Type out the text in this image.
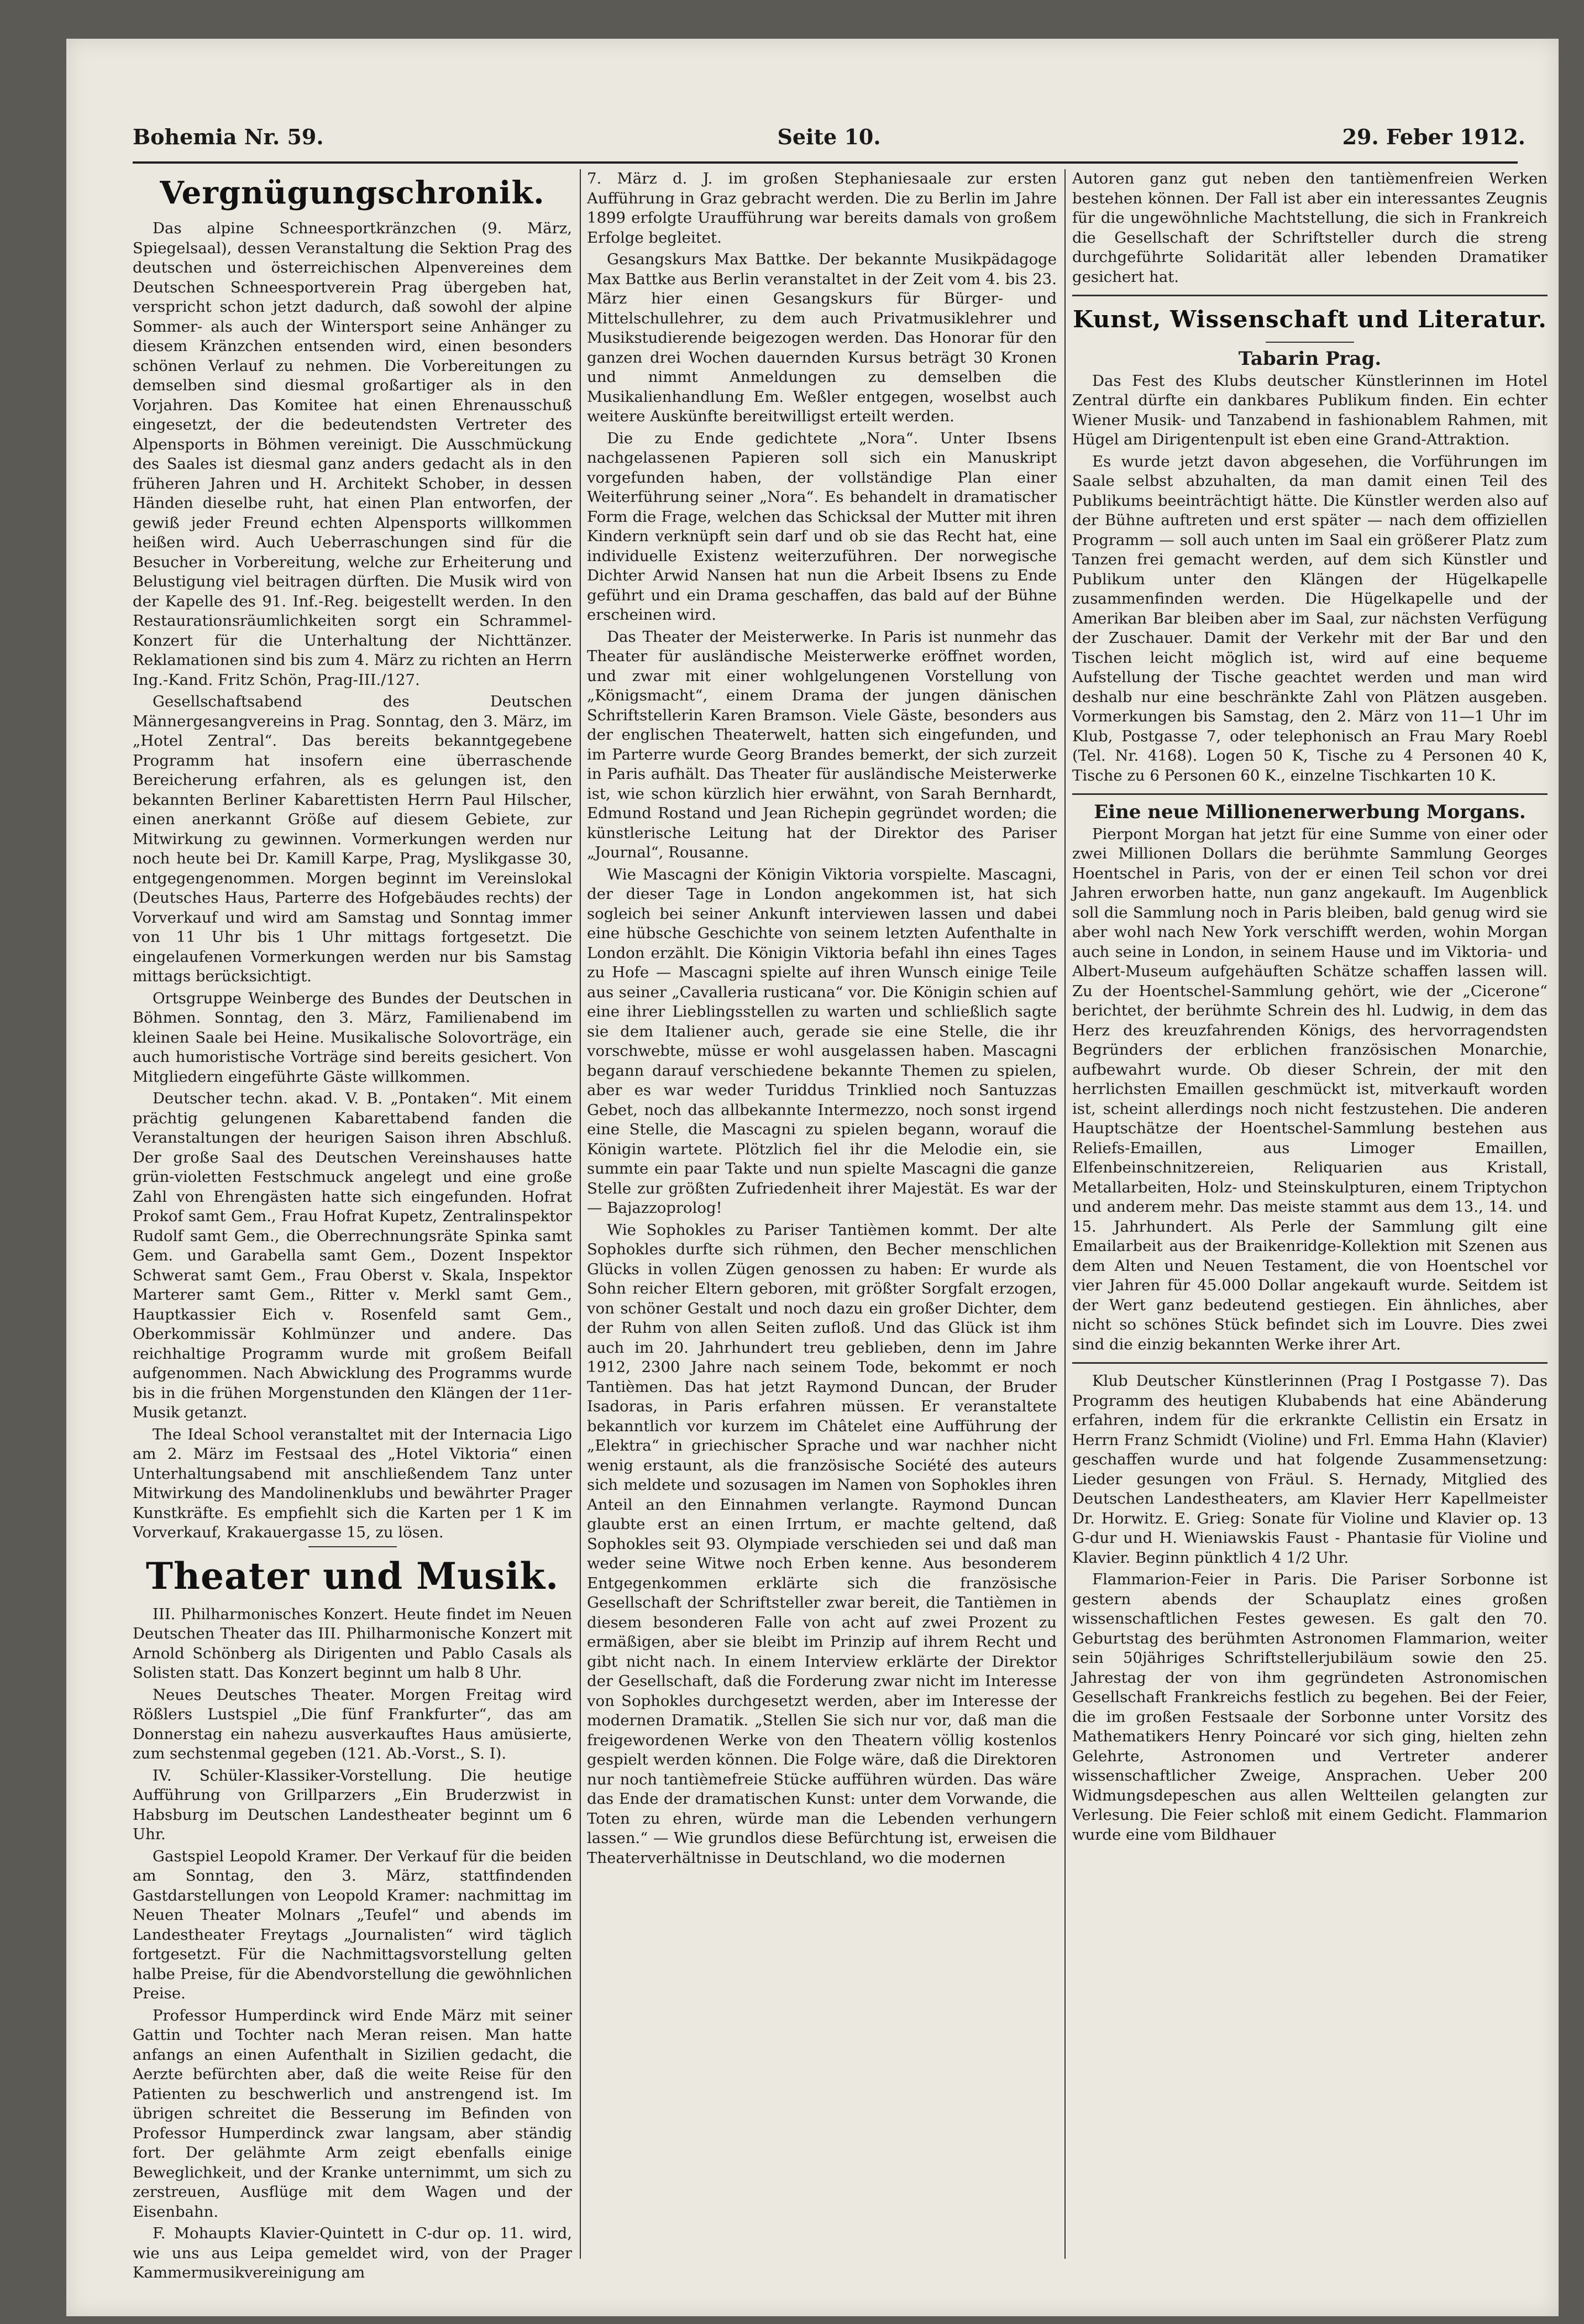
Bohemia Nr. 59.	Seite 10.	29. Feber 1912.
Vergnügungschronik.

Das alpine Schneesportkränzchen (9. März, Spiegelsaal), dessen Veranstaltung die Sektion Prag des deutschen und österreichischen Alpenvereines dem Deutschen Schneesportverein Prag übergeben hat, verspricht schon jetzt dadurch, daß sowohl der alpine Sommer- als auch der Wintersport seine Anhänger zu diesem Kränzchen entsenden wird, einen besonders schönen Verlauf zu nehmen. Die Vorbereitungen zu demselben sind diesmal großartiger als in den Vorjahren. Das Komitee hat einen Ehrenausschuß eingesetzt, der die bedeutendsten Vertreter des Alpensports in Böhmen vereinigt. Die Ausschmückung des Saales ist diesmal ganz anders gedacht als in den früheren Jahren und H. Architekt Schober, in dessen Händen dieselbe ruht, hat einen Plan entworfen, der gewiß jeder Freund echten Alpensports willkommen heißen wird. Auch Ueberraschungen sind für die Besucher in Vorbereitung, welche zur Erheiterung und Belustigung viel beitragen dürften. Die Musik wird von der Kapelle des 91. Inf.-Reg. beigestellt werden. In den Restaurationsräumlichkeiten sorgt ein Schrammel-Konzert für die Unterhaltung der Nichttänzer. Reklamationen sind bis zum 4. März zu richten an Herrn Ing.-Kand. Fritz Schön, Prag-III./127.

Gesellschaftsabend des Deutschen Männergesangvereins in Prag. Sonntag, den 3. März, im „Hotel Zentral“. Das bereits bekanntgegebene Programm hat insofern eine überraschende Bereicherung erfahren, als es gelungen ist, den bekannten Berliner Kabarettisten Herrn Paul Hilscher, einen anerkannt Größe auf diesem Gebiete, zur Mitwirkung zu gewinnen. Vormerkungen werden nur noch heute bei Dr. Kamill Karpe, Prag, Myslikgasse 30, entgegengenommen. Morgen beginnt im Vereinslokal (Deutsches Haus, Parterre des Hofgebäudes rechts) der Vorverkauf und wird am Samstag und Sonntag immer von 11 Uhr bis 1 Uhr mittags fortgesetzt. Die eingelaufenen Vormerkungen werden nur bis Samstag mittags berücksichtigt.

Ortsgruppe Weinberge des Bundes der Deutschen in Böhmen. Sonntag, den 3. März, Familienabend im kleinen Saale bei Heine. Musikalische Solovorträge, ein auch humoristische Vorträge sind bereits gesichert. Von Mitgliedern eingeführte Gäste willkommen.

Deutscher techn. akad. V. B. „Pontaken“. Mit einem prächtig gelungenen Kabarettabend fanden die Veranstaltungen der heurigen Saison ihren Abschluß. Der große Saal des Deutschen Vereinshauses hatte grün-violetten Festschmuck angelegt und eine große Zahl von Ehrengästen hatte sich eingefunden. Hofrat Prokof samt Gem., Frau Hofrat Kupetz, Zentralinspektor Rudolf samt Gem., die Oberrechnungsräte Spinka samt Gem. und Garabella samt Gem., Dozent Inspektor Schwerat samt Gem., Frau Oberst v. Skala, Inspektor Marterer samt Gem., Ritter v. Merkl samt Gem., Hauptkassier Eich v. Rosenfeld samt Gem., Oberkommissär Kohlmünzer und andere. Das reichhaltige Programm wurde mit großem Beifall aufgenommen. Nach Abwicklung des Programms wurde bis in die frühen Morgenstunden den Klängen der 11er-Musik getanzt.

The Ideal School veranstaltet mit der Internacia Ligo am 2. März im Festsaal des „Hotel Viktoria“ einen Unterhaltungsabend mit anschließendem Tanz unter Mitwirkung des Mandolinenklubs und bewährter Prager Kunstkräfte. Es empfiehlt sich die Karten per 1 K im Vorverkauf, Krakauergasse 15, zu lösen.

Theater und Musik.

III. Philharmonisches Konzert. Heute findet im Neuen Deutschen Theater das III. Philharmonische Konzert mit Arnold Schönberg als Dirigenten und Pablo Casals als Solisten statt. Das Konzert beginnt um halb 8 Uhr.

Neues Deutsches Theater. Morgen Freitag wird Rößlers Lustspiel „Die fünf Frankfurter“, das am Donnerstag ein nahezu ausverkauftes Haus amüsierte, zum sechstenmal gegeben (121. Ab.-Vorst., S. I).

IV. Schüler-Klassiker-Vorstellung. Die heutige Aufführung von Grillparzers „Ein Bruderzwist in Habsburg im Deutschen Landestheater beginnt um 6 Uhr.

Gastspiel Leopold Kramer. Der Verkauf für die beiden am Sonntag, den 3. März, stattfindenden Gastdarstellungen von Leopold Kramer: nachmittag im Neuen Theater Molnars „Teufel“ und abends im Landestheater Freytags „Journalisten“ wird täglich fortgesetzt. Für die Nachmittagsvorstellung gelten halbe Preise, für die Abendvorstellung die gewöhnlichen Preise.

Professor Humperdinck wird Ende März mit seiner Gattin und Tochter nach Meran reisen. Man hatte anfangs an einen Aufenthalt in Sizilien gedacht, die Aerzte befürchten aber, daß die weite Reise für den Patienten zu beschwerlich und anstrengend ist. Im übrigen schreitet die Besserung im Befinden von Professor Humperdinck zwar langsam, aber ständig fort. Der gelähmte Arm zeigt ebenfalls einige Beweglichkeit, und der Kranke unternimmt, um sich zu zerstreuen, Ausflüge mit dem Wagen und der Eisenbahn.

F. Mohaupts Klavier-Quintett in C-dur op. 11. wird, wie uns aus Leipa gemeldet wird, von der Prager Kammermusikvereinigung am

7. März d. J. im großen Stephaniesaale zur ersten Aufführung in Graz gebracht werden. Die zu Berlin im Jahre 1899 erfolgte Uraufführung war bereits damals von großem Erfolge begleitet.

Gesangskurs Max Battke. Der bekannte Musikpädagoge Max Battke aus Berlin veranstaltet in der Zeit vom 4. bis 23. März hier einen Gesangskurs für Bürger- und Mittelschullehrer, zu dem auch Privatmusiklehrer und Musikstudierende beigezogen werden. Das Honorar für den ganzen drei Wochen dauernden Kursus beträgt 30 Kronen und nimmt Anmeldungen zu demselben die Musikalienhandlung Em. Weßler entgegen, woselbst auch weitere Auskünfte bereitwilligst erteilt werden.

Die zu Ende gedichtete „Nora“. Unter Ibsens nachgelassenen Papieren soll sich ein Manuskript vorgefunden haben, der vollständige Plan einer Weiterführung seiner „Nora“. Es behandelt in dramatischer Form die Frage, welchen das Schicksal der Mutter mit ihren Kindern verknüpft sein darf und ob sie das Recht hat, eine individuelle Existenz weiterzuführen. Der norwegische Dichter Arwid Nansen hat nun die Arbeit Ibsens zu Ende geführt und ein Drama geschaffen, das bald auf der Bühne erscheinen wird.

Das Theater der Meisterwerke. In Paris ist nunmehr das Theater für ausländische Meisterwerke eröffnet worden, und zwar mit einer wohlgelungenen Vorstellung von „Königsmacht“, einem Drama der jungen dänischen Schriftstellerin Karen Bramson. Viele Gäste, besonders aus der englischen Theaterwelt, hatten sich eingefunden, und im Parterre wurde Georg Brandes bemerkt, der sich zurzeit in Paris aufhält. Das Theater für ausländische Meisterwerke ist, wie schon kürzlich hier erwähnt, von Sarah Bernhardt, Edmund Rostand und Jean Richepin gegründet worden; die künstlerische Leitung hat der Direktor des Pariser „Journal“, Rousanne.

Wie Mascagni der Königin Viktoria vorspielte. Mascagni, der dieser Tage in London angekommen ist, hat sich sogleich bei seiner Ankunft interviewen lassen und dabei eine hübsche Geschichte von seinem letzten Aufenthalte in London erzählt. Die Königin Viktoria befahl ihn eines Tages zu Hofe — Mascagni spielte auf ihren Wunsch einige Teile aus seiner „Cavalleria rusticana“ vor. Die Königin schien auf eine ihrer Lieblingsstellen zu warten und schließlich sagte sie dem Italiener auch, gerade sie eine Stelle, die ihr vorschwebte, müsse er wohl ausgelassen haben. Mascagni begann darauf verschiedene bekannte Themen zu spielen, aber es war weder Turiddus Trinklied noch Santuzzas Gebet, noch das allbekannte Intermezzo, noch sonst irgend eine Stelle, die Mascagni zu spielen begann, worauf die Königin wartete. Plötzlich fiel ihr die Melodie ein, sie summte ein paar Takte und nun spielte Mascagni die ganze Stelle zur größten Zufriedenheit ihrer Majestät. Es war der — Bajazzoprolog!

Wie Sophokles zu Pariser Tantièmen kommt. Der alte Sophokles durfte sich rühmen, den Becher menschlichen Glücks in vollen Zügen genossen zu haben: Er wurde als Sohn reicher Eltern geboren, mit größter Sorgfalt erzogen, von schöner Gestalt und noch dazu ein großer Dichter, dem der Ruhm von allen Seiten zufloß. Und das Glück ist ihm auch im 20. Jahrhundert treu geblieben, denn im Jahre 1912, 2300 Jahre nach seinem Tode, bekommt er noch Tantièmen. Das hat jetzt Raymond Duncan, der Bruder Isadoras, in Paris erfahren müssen. Er veranstaltete bekanntlich vor kurzem im Châtelet eine Aufführung der „Elektra“ in griechischer Sprache und war nachher nicht wenig erstaunt, als die französische Société des auteurs sich meldete und sozusagen im Namen von Sophokles ihren Anteil an den Einnahmen verlangte. Raymond Duncan glaubte erst an einen Irrtum, er machte geltend, daß Sophokles seit 93. Olympiade verschieden sei und daß man weder seine Witwe noch Erben kenne. Aus besonderem Entgegenkommen erklärte sich die französische Gesellschaft der Schriftsteller zwar bereit, die Tantièmen in diesem besonderen Falle von acht auf zwei Prozent zu ermäßigen, aber sie bleibt im Prinzip auf ihrem Recht und gibt nicht nach. In einem Interview erklärte der Direktor der Gesellschaft, daß die Forderung zwar nicht im Interesse von Sophokles durchgesetzt werden, aber im Interesse der modernen Dramatik. „Stellen Sie sich nur vor, daß man die freigewordenen Werke von den Theatern völlig kostenlos gespielt werden können. Die Folge wäre, daß die Direktoren nur noch tantièmefreie Stücke aufführen würden. Das wäre das Ende der dramatischen Kunst: unter dem Vorwande, die Toten zu ehren, würde man die Lebenden verhungern lassen.“ — Wie grundlos diese Befürchtung ist, erweisen die Theaterverhältnisse in Deutschland, wo die modernen

Autoren ganz gut neben den tantièmenfreien Werken bestehen können. Der Fall ist aber ein interessantes Zeugnis für die ungewöhnliche Machtstellung, die sich in Frankreich die Gesellschaft der Schriftsteller durch die streng durchgeführte Solidarität aller lebenden Dramatiker gesichert hat.

Kunst, Wissenschaft und Literatur.
Tabarin Prag.

Das Fest des Klubs deutscher Künstlerinnen im Hotel Zentral dürfte ein dankbares Publikum finden. Ein echter Wiener Musik- und Tanzabend in fashionablem Rahmen, mit Hügel am Dirigentenpult ist eben eine Grand-Attraktion.

Es wurde jetzt davon abgesehen, die Vorführungen im Saale selbst abzuhalten, da man damit einen Teil des Publikums beeinträchtigt hätte. Die Künstler werden also auf der Bühne auftreten und erst später — nach dem offiziellen Programm — soll auch unten im Saal ein größerer Platz zum Tanzen frei gemacht werden, auf dem sich Künstler und Publikum unter den Klängen der Hügelkapelle zusammenfinden werden. Die Hügelkapelle und der Amerikan Bar bleiben aber im Saal, zur nächsten Verfügung der Zuschauer. Damit der Verkehr mit der Bar und den Tischen leicht möglich ist, wird auf eine bequeme Aufstellung der Tische geachtet werden und man wird deshalb nur eine beschränkte Zahl von Plätzen ausgeben. Vormerkungen bis Samstag, den 2. März von 11—1 Uhr im Klub, Postgasse 7, oder telephonisch an Frau Mary Roebl (Tel. Nr. 4168). Logen 50 K, Tische zu 4 Personen 40 K, Tische zu 6 Personen 60 K., einzelne Tischkarten 10 K.

Eine neue Millionenerwerbung Morgans.

Pierpont Morgan hat jetzt für eine Summe von einer oder zwei Millionen Dollars die berühmte Sammlung Georges Hoentschel in Paris, von der er einen Teil schon vor drei Jahren erworben hatte, nun ganz angekauft. Im Augenblick soll die Sammlung noch in Paris bleiben, bald genug wird sie aber wohl nach New York verschifft werden, wohin Morgan auch seine in London, in seinem Hause und im Viktoria- und Albert-Museum aufgehäuften Schätze schaffen lassen will. Zu der Hoentschel-Sammlung gehört, wie der „Cicerone“ berichtet, der berühmte Schrein des hl. Ludwig, in dem das Herz des kreuzfahrenden Königs, des hervorragendsten Begründers der erblichen französischen Monarchie, aufbewahrt wurde. Ob dieser Schrein, der mit den herrlichsten Emaillen geschmückt ist, mitverkauft worden ist, scheint allerdings noch nicht festzustehen. Die anderen Hauptschätze der Hoentschel-Sammlung bestehen aus Reliefs-Emaillen, aus Limoger Emaillen, Elfenbeinschnitzereien, Reliquarien aus Kristall, Metallarbeiten, Holz- und Steinskulpturen, einem Triptychon und anderem mehr. Das meiste stammt aus dem 13., 14. und 15. Jahrhundert. Als Perle der Sammlung gilt eine Emailarbeit aus der Braikenridge-Kollektion mit Szenen aus dem Alten und Neuen Testament, die von Hoentschel vor vier Jahren für 45.000 Dollar angekauft wurde. Seitdem ist der Wert ganz bedeutend gestiegen. Ein ähnliches, aber nicht so schönes Stück befindet sich im Louvre. Dies zwei sind die einzig bekannten Werke ihrer Art.

Klub Deutscher Künstlerinnen (Prag I Postgasse 7). Das Programm des heutigen Klubabends hat eine Abänderung erfahren, indem für die erkrankte Cellistin ein Ersatz in Herrn Franz Schmidt (Violine) und Frl. Emma Hahn (Klavier) geschaffen wurde und hat folgende Zusammensetzung: Lieder gesungen von Fräul. S. Hernady, Mitglied des Deutschen Landestheaters, am Klavier Herr Kapellmeister Dr. Horwitz. E. Grieg: Sonate für Violine und Klavier op. 13 G-dur und H. Wieniawskis Faust - Phantasie für Violine und Klavier. Beginn pünktlich 4 1/2 Uhr.

Flammarion-Feier in Paris. Die Pariser Sorbonne ist gestern abends der Schauplatz eines großen wissenschaftlichen Festes gewesen. Es galt den 70. Geburtstag des berühmten Astronomen Flammarion, weiter sein 50jähriges Schriftstellerjubiläum sowie den 25. Jahrestag der von ihm gegründeten Astronomischen Gesellschaft Frankreichs festlich zu begehen. Bei der Feier, die im großen Festsaale der Sorbonne unter Vorsitz des Mathematikers Henry Poincaré vor sich ging, hielten zehn Gelehrte, Astronomen und Vertreter anderer wissenschaftlicher Zweige, Ansprachen. Ueber 200 Widmungsdepeschen aus allen Weltteilen gelangten zur Verlesung. Die Feier schloß mit einem Gedicht. Flammarion wurde eine vom Bildhauer
